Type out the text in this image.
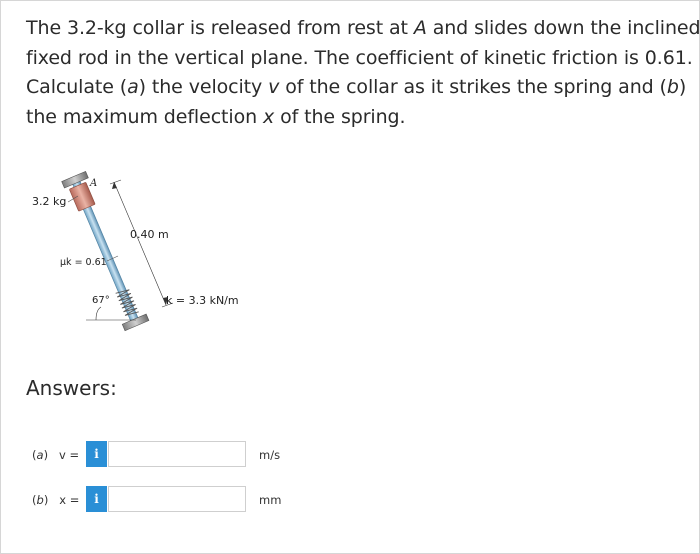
The 3.2-kg collar is released from rest at A and slides down the inclined
fixed rod in the vertical plane. The coefficient of kinetic friction is 0.61.
Calculate (a) the velocity v of the collar as it strikes the spring and (b)
the maximum deflection x of the spring.
A
3.2 kg
μk = 0.61
0.40 m
67°	k = 3.3 kN/m
Answers:
(a) v =	i	m/s
(b) x =	i	mm
